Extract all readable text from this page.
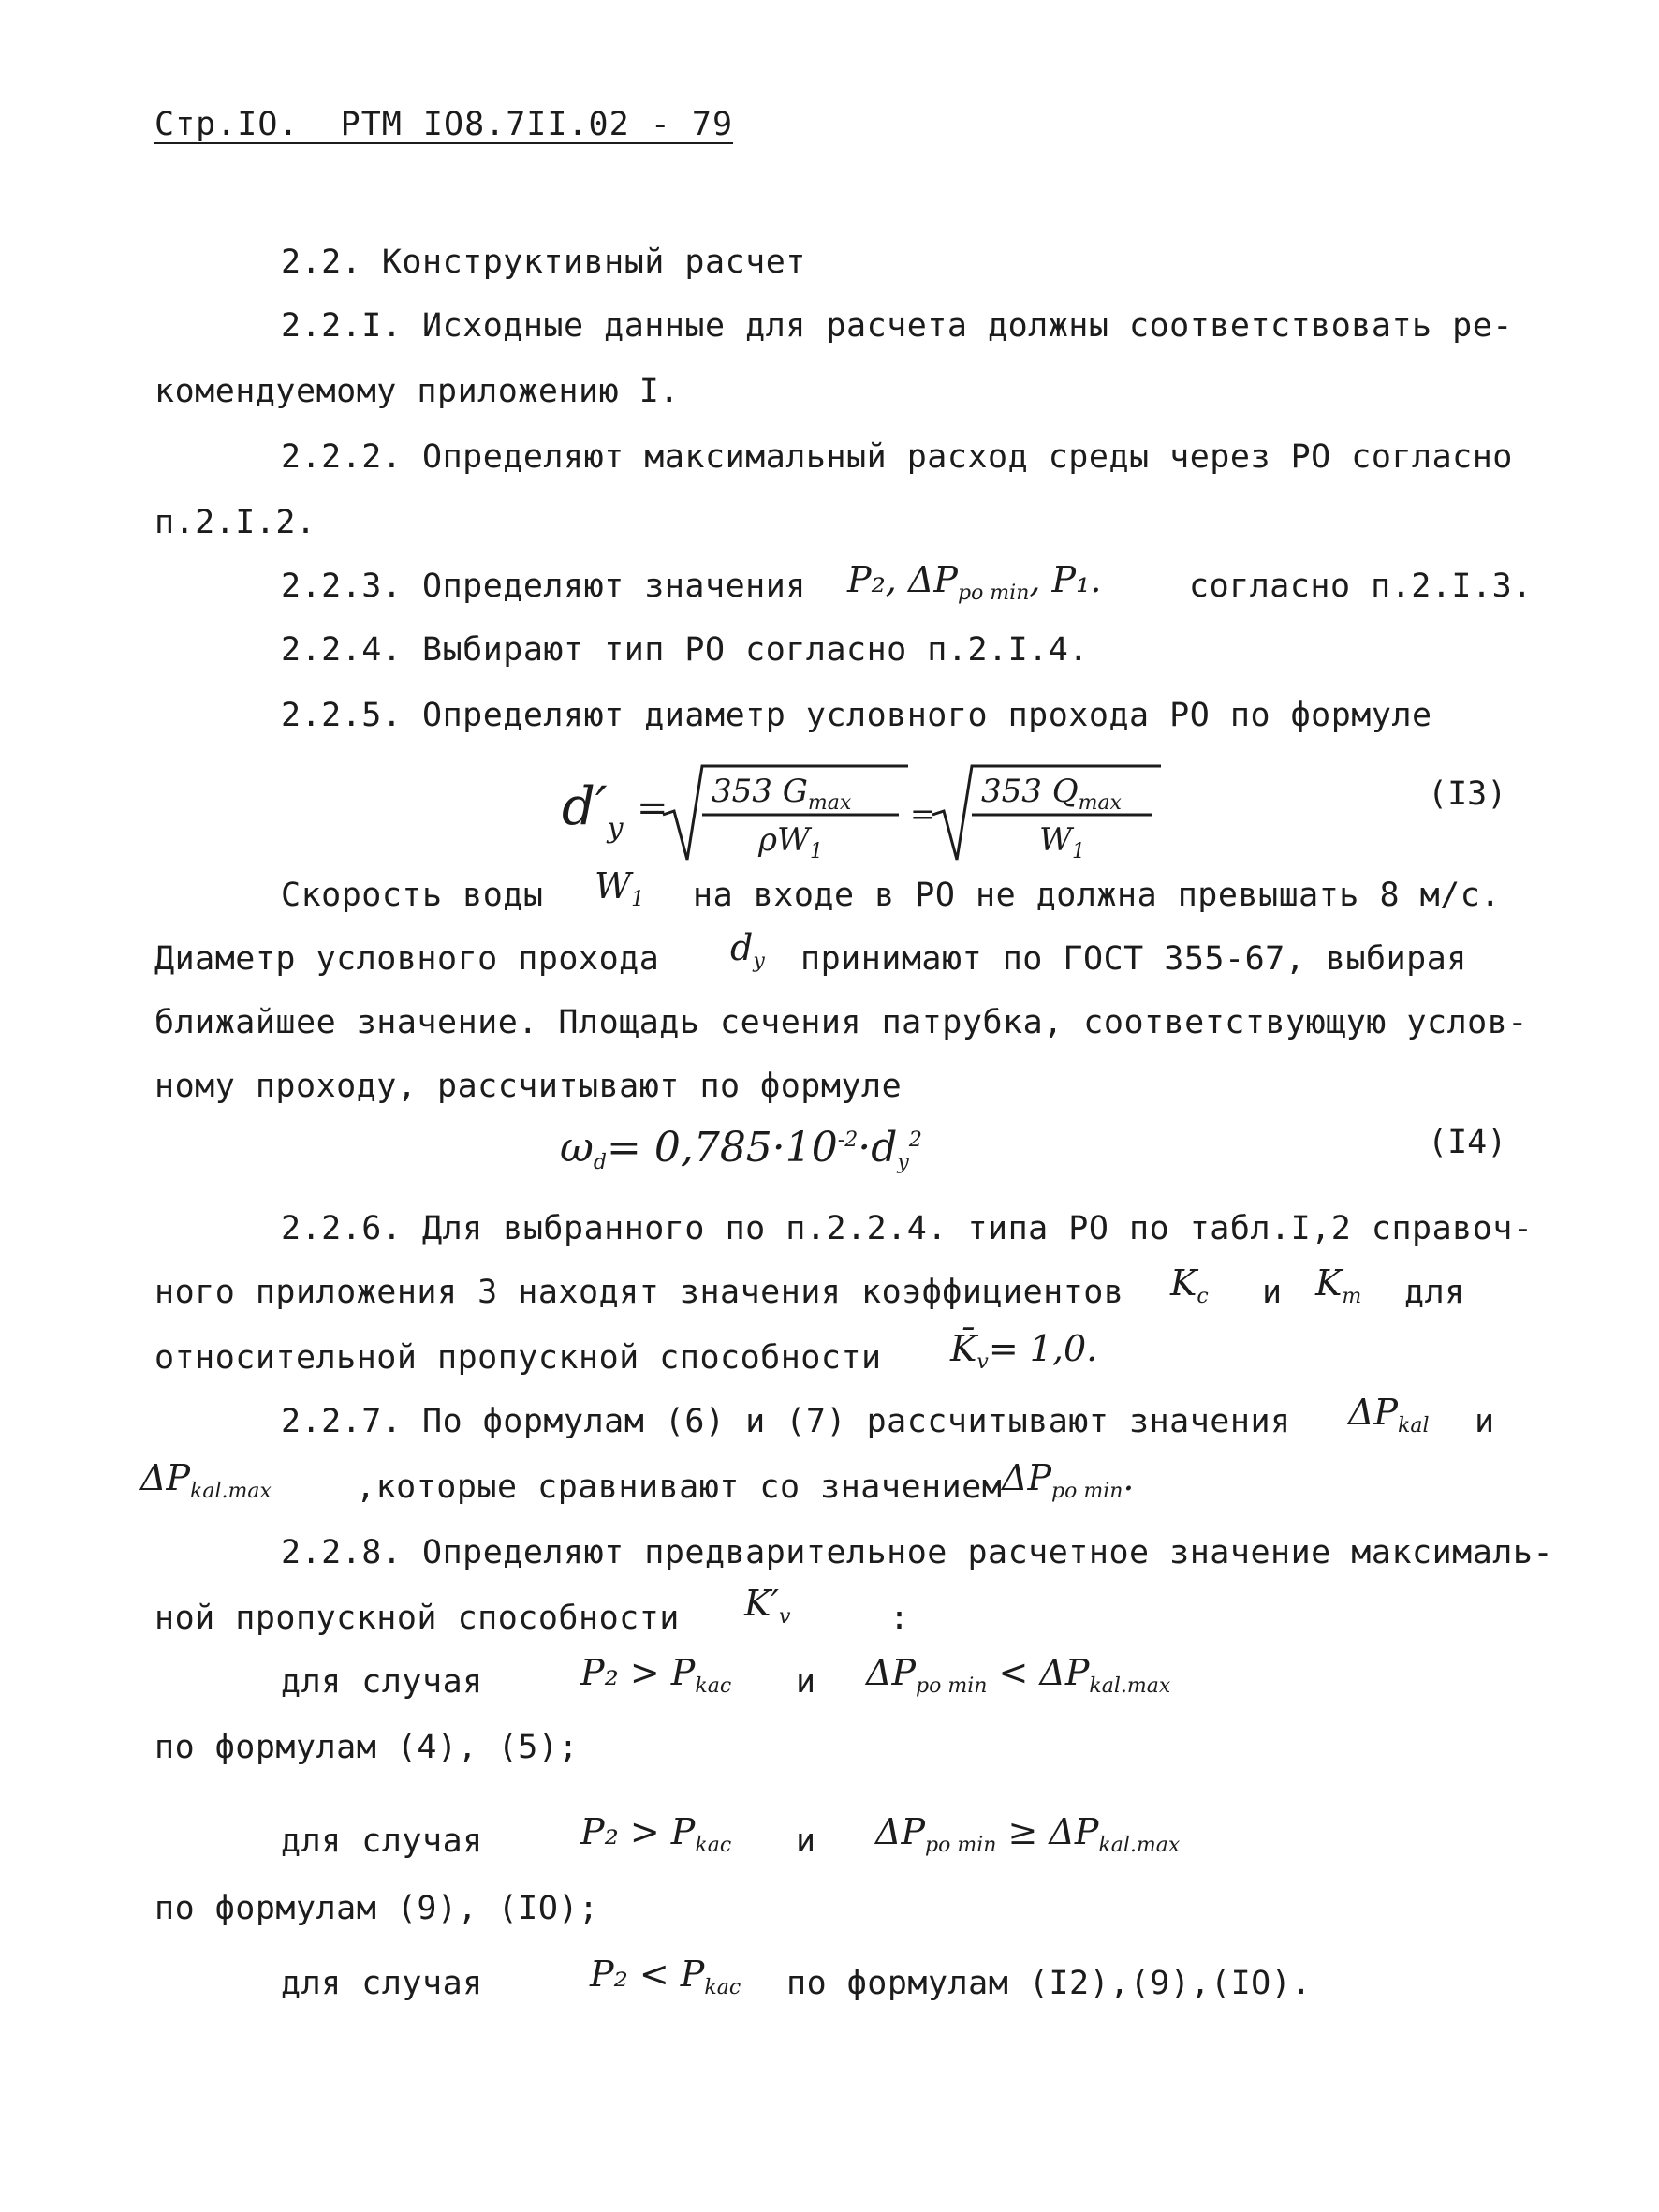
Стр.IO.  РТМ IO8.7II.02 - 79
2.2. Конструктивный расчет
2.2.I. Исходные данные для расчета должны соответствовать ре-
комендуемому приложению I.
2.2.2. Определяют максимальный расход среды через РО согласно
п.2.I.2.
2.2.3. Определяют значения P₂, $\Delta P_{po min}$, P₁.	согласно п.2.I.3.
2.2.4. Выбирают тип РО согласно п.2.I.4.
2.2.5. Определяют диаметр условного прохода РО по формуле
$d'_y = 353$ $G_{max}$
$\rho W_1$
=
353 $Q_{max}$
$W_1$
(I3)
Скорость воды $W_1$ на входе в РО не должна превышать 8 м/с.
Диаметр условного прохода $d_y$ принимают по ГОСТ 355-67, выбирая
ближайшее значение. Площадь сечения патрубка, соответствующую услов-
ному проходу, рассчитывают по формуле
$\omega_d= 0,785\cdot 10^{-2}\cdot d_y^2$	(I4)
2.2.6. Для выбранного по п.2.2.4. типа РО по табл.I,2 справоч-
ного приложения 3 находят значения коэффициентов $K_c$ и $K_m$ для
относительной пропускной способности $K̄_v= 1,0$.
2.2.7. По формулам (6) и (7) рассчитывают значения $\Delta P_{kal}$ и
$\Delta P_{kal.max}$	,которые сравнивают со значением $\Delta P_{po min}$.
2.2.8. Определяют предварительное расчетное значение максималь-
ной пропускной способности $K'_v$	:
для случая	$P_2 > P_{kac}$ и $\Delta P_{po min} < \Delta P_{kal.max}$
по формулам (4), (5);
для случая	$P_2 > P_{kac}$ и $\Delta P_{po min} \ge \Delta P_{kal.max}$
по формулам (9), (IO);
для случая	$P_2 < P_{kac}$ по формулам (I2),(9),(IO).
